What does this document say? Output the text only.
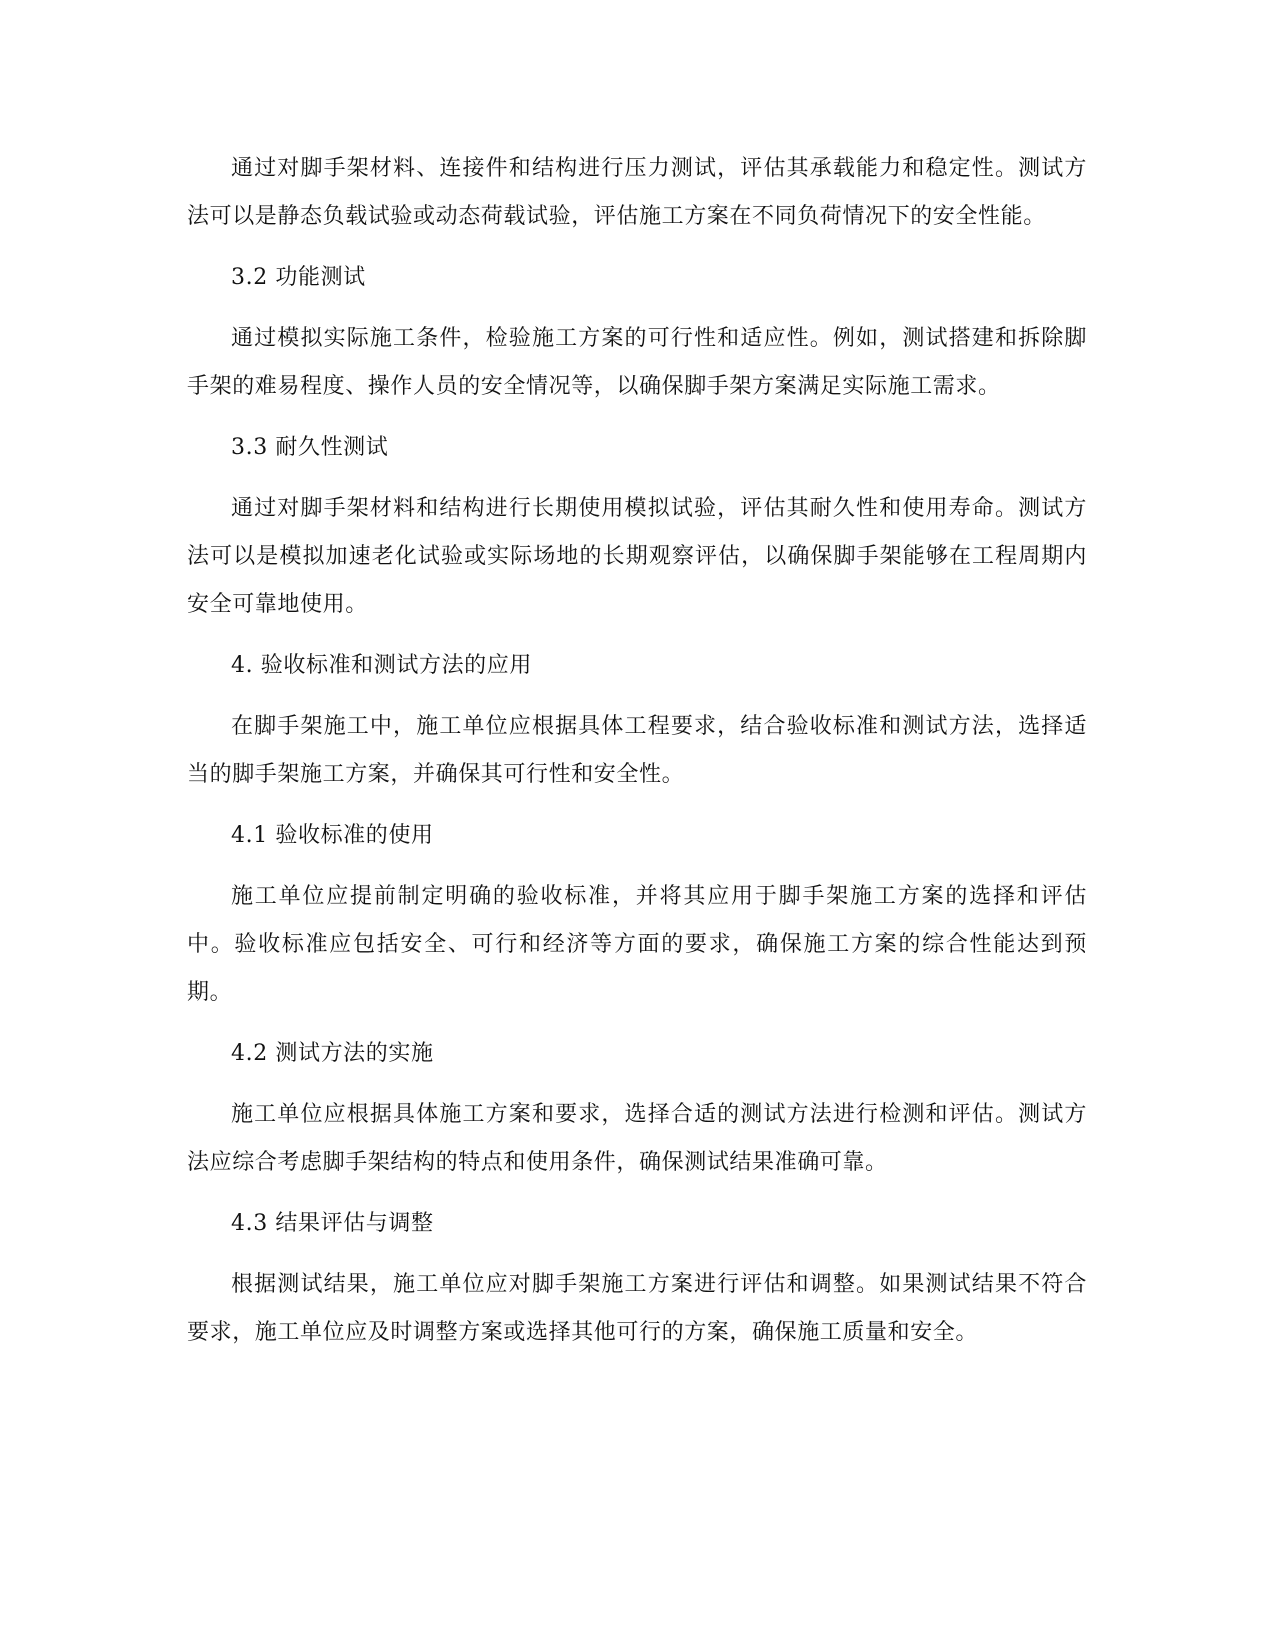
通过对脚手架材料、连接件和结构进行压力测试，评估其承载能力和稳定性。测试方法可以是静态负载试验或动态荷载试验，评估施工方案在不同负荷情况下的安全性能。

3.2 功能测试

通过模拟实际施工条件，检验施工方案的可行性和适应性。例如，测试搭建和拆除脚手架的难易程度、操作人员的安全情况等，以确保脚手架方案满足实际施工需求。

3.3 耐久性测试

通过对脚手架材料和结构进行长期使用模拟试验，评估其耐久性和使用寿命。测试方法可以是模拟加速老化试验或实际场地的长期观察评估，以确保脚手架能够在工程周期内安全可靠地使用。

4. 验收标准和测试方法的应用

在脚手架施工中，施工单位应根据具体工程要求，结合验收标准和测试方法，选择适当的脚手架施工方案，并确保其可行性和安全性。

4.1 验收标准的使用

施工单位应提前制定明确的验收标准，并将其应用于脚手架施工方案的选择和评估中。验收标准应包括安全、可行和经济等方面的要求，确保施工方案的综合性能达到预期。

4.2 测试方法的实施

施工单位应根据具体施工方案和要求，选择合适的测试方法进行检测和评估。测试方法应综合考虑脚手架结构的特点和使用条件，确保测试结果准确可靠。

4.3 结果评估与调整

根据测试结果，施工单位应对脚手架施工方案进行评估和调整。如果测试结果不符合要求，施工单位应及时调整方案或选择其他可行的方案，确保施工质量和安全。
